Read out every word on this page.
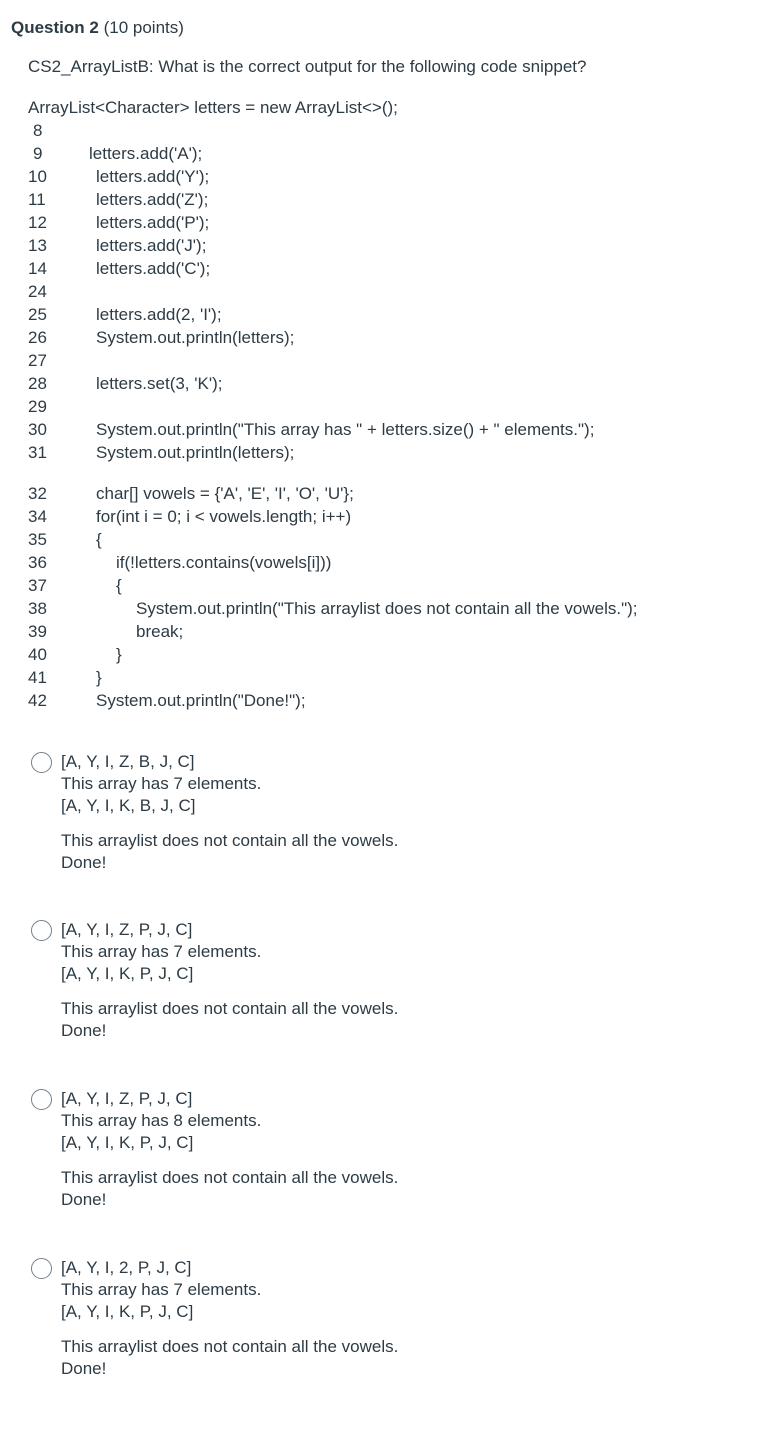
Question 2 (10 points)
CS2_ArrayListB: What is the correct output for the following code snippet?
ArrayList<Character> letters = new ArrayList<>();
8
9	letters.add('A');
10	letters.add('Y');
11	letters.add('Z');
12	letters.add('P');
13	letters.add('J');
14	letters.add('C');
24
25	letters.add(2, 'I');
26	System.out.println(letters);
27
28	letters.set(3, 'K');
29
30	System.out.println("This array has " + letters.size() + " elements.");
31	System.out.println(letters);
32	char[] vowels = {'A', 'E', 'I', 'O', 'U'};
34	for(int i = 0; i < vowels.length; i++)
35	{
36	if(!letters.contains(vowels[i]))
37	{
38	System.out.println("This arraylist does not contain all the vowels.");
39	break;
40	}
41	}
42	System.out.println("Done!");
[A, Y, I, Z, B, J, C]
This array has 7 elements.
[A, Y, I, K, B, J, C]
This arraylist does not contain all the vowels.
Done!
[A, Y, I, Z, P, J, C]
This array has 7 elements.
[A, Y, I, K, P, J, C]
This arraylist does not contain all the vowels.
Done!
[A, Y, I, Z, P, J, C]
This array has 8 elements.
[A, Y, I, K, P, J, C]
This arraylist does not contain all the vowels.
Done!
[A, Y, I, 2, P, J, C]
This array has 7 elements.
[A, Y, I, K, P, J, C]
This arraylist does not contain all the vowels.
Done!
